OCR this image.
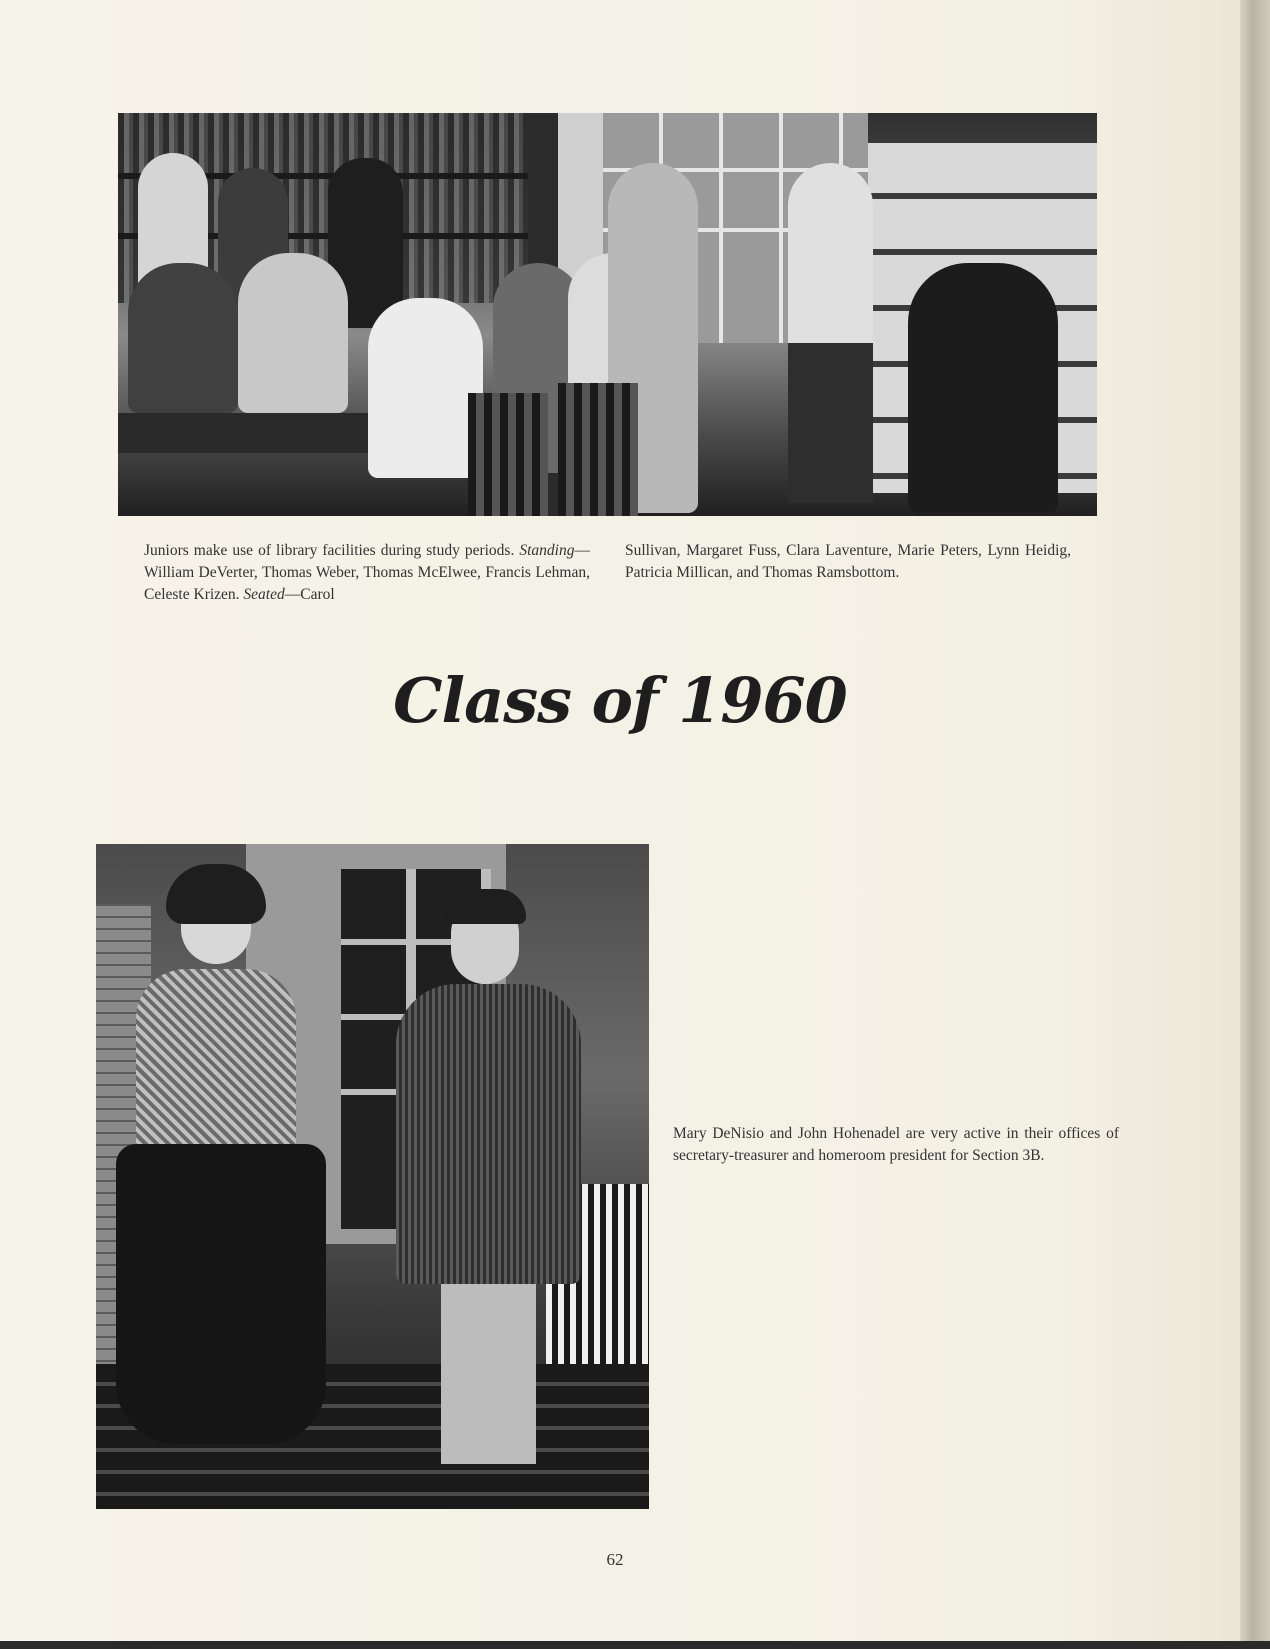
Juniors make use of library facilities during study periods. Standing—William DeVerter, Thomas Weber, Thomas McElwee, Francis Lehman, Celeste Krizen. Seated—Carol

Sullivan, Margaret Fuss, Clara Laventure, Marie Peters, Lynn Heidig, Patricia Millican, and Thomas Ramsbottom.

Class of 1960

Mary DeNisio and John Hohenadel are very active in their offices of secretary-treasurer and homeroom president for Section 3B.

62
